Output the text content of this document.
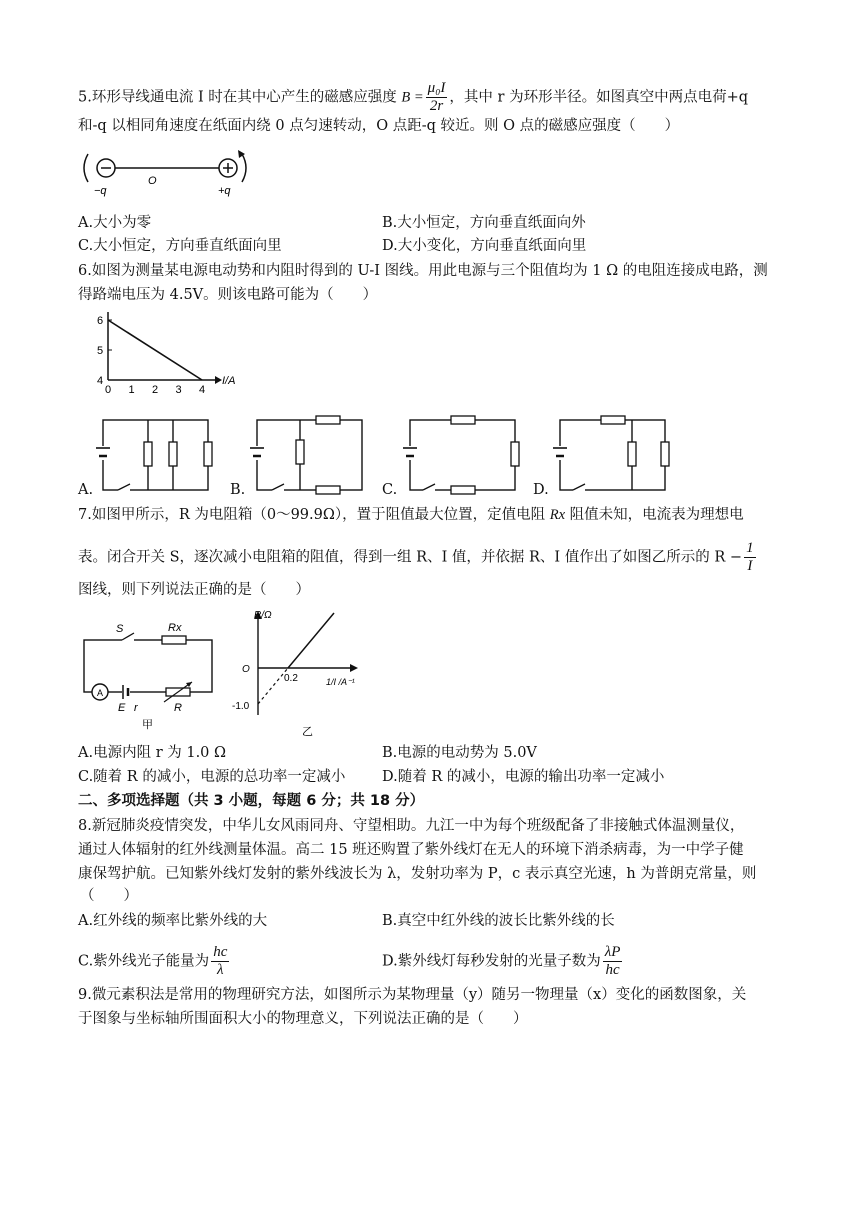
5.环形导线通电流 I 时在其中心产生的磁感应强度 $B = \frac{\text{μ₀I}}{2r}$ ，其中 r 为环形半径。如图真空中两点电荷+q
和-q 以相同角速度在纸面内绕 0 点匀速转动，O 点距-q 较近。则 O 点的磁感应强度（　　）
−q
O
+q
A.大小为零	B.大小恒定，方向垂直纸面向外
C.大小恒定，方向垂直纸面向里	D.大小变化，方向垂直纸面向里
6.如图为测量某电源电动势和内阻时得到的 U-I 图线。用此电源与三个阻值均为 1 Ω 的电阻连接成电路，测
得路端电压为 4.5V。则该电路可能为（　　）
6
5
4
0 1 2 3 4
I/A
A.	B.	C.	D.
7.如图甲所示，R 为电阻箱（0～99.9Ω），置于阻值最大位置，定值电阻 Rx 阻值未知，电流表为理想电
表。闭合开关 S，逐次减小电阻箱的阻值，得到一组 R、I 值，并依据 R、I 值作出了如图乙所示的 $R - \frac{1}{I}$
图线，则下列说法正确的是（　　）
S	Rx
A
E r	R
甲
R/Ω
O
0.2
-1.0
1/I /A⁻¹
乙
A.电源内阻 r 为 1.0 Ω	B.电源的电动势为 5.0V
C.随着 R 的减小，电源的总功率一定减小	D.随着 R 的减小，电源的输出功率一定减小
二、多项选择题（共 3 小题，每题 6 分；共 18 分）
8.新冠肺炎疫情突发，中华儿女风雨同舟、守望相助。九江一中为每个班级配备了非接触式体温测量仪，
通过人体辐射的红外线测量体温。高二 15 班还购置了紫外线灯在无人的环境下消杀病毒，为一中学子健
康保驾护航。已知紫外线灯发射的紫外线波长为 λ，发射功率为 P，c 表示真空光速，h 为普朗克常量，则
（　　）
A.红外线的频率比紫外线的大	B.真空中红外线的波长比紫外线的长
C.紫外线光子能量为 $\frac{hc}{\lambda}$	D.紫外线灯每秒发射的光量子数为 $\frac{\lambda P}{hc}$
9.微元素积法是常用的物理研究方法，如图所示为某物理量（y）随另一物理量（x）变化的函数图象，关
于图象与坐标轴所围面积大小的物理意义，下列说法正确的是（　　）
